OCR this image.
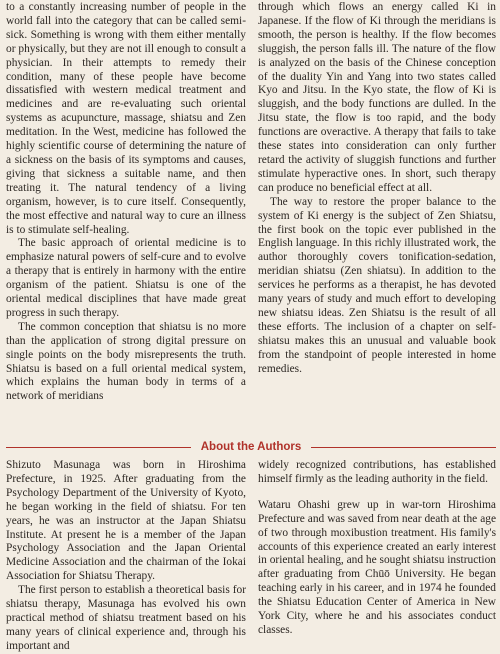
to a constantly increasing number of people in the world fall into the category that can be called semi-sick. Something is wrong with them either mentally or physically, but they are not ill enough to consult a physician. In their attempts to remedy their condition, many of these people have become dissatisfied with western medical treatment and medicines and are re-evaluating such oriental systems as acupuncture, massage, shiatsu and Zen meditation. In the West, medicine has followed the highly scientific course of determining the nature of a sickness on the basis of its symptoms and causes, giving that sickness a suitable name, and then treating it. The natural tendency of a living organism, however, is to cure itself. Consequently, the most effective and natural way to cure an illness is to stimulate self-healing.

The basic approach of oriental medicine is to emphasize natural powers of self-cure and to evolve a therapy that is entirely in harmony with the entire organism of the patient. Shiatsu is one of the oriental medical disciplines that have made great progress in such therapy.

The common conception that shiatsu is no more than the application of strong digital pressure on single points on the body misrepresents the truth. Shiatsu is based on a full oriental medical system, which explains the human body in terms of a network of meridians

through which flows an energy called Ki in Japanese. If the flow of Ki through the meridians is smooth, the person is healthy. If the flow becomes sluggish, the person falls ill. The nature of the flow is analyzed on the basis of the Chinese conception of the duality Yin and Yang into two states called Kyo and Jitsu. In the Kyo state, the flow of Ki is sluggish, and the body functions are dulled. In the Jitsu state, the flow is too rapid, and the body functions are overactive. A therapy that fails to take these states into consideration can only further retard the activity of sluggish functions and further stimulate hyperactive ones. In short, such therapy can produce no beneficial effect at all.

The way to restore the proper balance to the system of Ki energy is the subject of Zen Shiatsu, the first book on the topic ever published in the English language. In this richly illustrated work, the author thoroughly covers tonification-sedation, meridian shiatsu (Zen shiatsu). In addition to the services he performs as a therapist, he has devoted many years of study and much effort to developing new shiatsu ideas. Zen Shiatsu is the result of all these efforts. The inclusion of a chapter on self-shiatsu makes this an unusual and valuable book from the standpoint of people interested in home remedies.

About the Authors

Shizuto Masunaga was born in Hiroshima Prefecture, in 1925. After graduating from the Psychology Department of the University of Kyoto, he began working in the field of shiatsu. For ten years, he was an instructor at the Japan Shiatsu Institute. At present he is a member of the Japan Psychology Association and the Japan Oriental Medicine Association and the chairman of the Iokai Association for Shiatsu Therapy.

The first person to establish a theoretical basis for shiatsu therapy, Masunaga has evolved his own practical method of shiatsu treatment based on his many years of clinical experience and, through his important and

widely recognized contributions, has established himself firmly as the leading authority in the field.

Wataru Ohashi grew up in war-torn Hiroshima Prefecture and was saved from near death at the age of two through moxibustion treatment. His family's accounts of this experience created an early interest in oriental healing, and he sought shiatsu instruction after graduating from Chūō University. He began teaching early in his career, and in 1974 he founded the Shiatsu Education Center of America in New York City, where he and his associates conduct classes.
